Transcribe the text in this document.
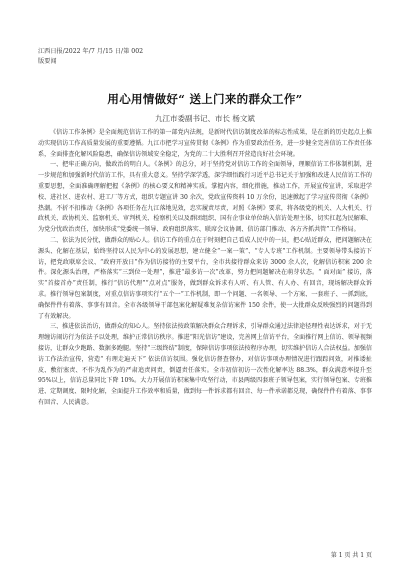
江西日报/2022 年/7 月/15 日/第 002
版要闻
用心用情做好“ 送上门来的群众工作”
九江市委副书记、市长 杨文斌

《信访工作条例》是全面规范信访工作的第一部党内法规，是新时代信访制度改革的标志性成果，是在新的历史起点上推动实现信访工作高质量发展的重要遵循。九江市把学习宣传贯彻《条例》作为重要政治任务，进一步健全完善信访工作责任体系，全面排查化解风险隐患，确保信访领域安全稳定，为党的二十大胜利召开营造良好社会环境。

一、把牢正确方向，做政治的明白人。《条例》的总分，对于坚持党对信访工作的全面领导，理顺信访工作体制机制，进一步规范和加强新时代信访工作，具有重大意义。坚持学深学透，深学细悟践行习近平总书记关于加强和改进人民信访工作的重要思想，全面准确理解把握《条例》的核心要义和精神实质。掌握内容，细化措施，推动工作，开展宣传宣讲，采取进学校、进社区、进农村、进工厂等方式，组织专题宣讲 30 余次，党政宣传资料 10 万余份，迅速掀起了学习宣传贯彻《条例》热潮。不折不扣推动《条例》各项任务在九江落地见效，忠实履责尽责，对照《条例》要求，将各级党的机关、人大机关、行政机关、政协机关、监察机关、审判机关、检察机关以及群团组织、国有企事业单位纳入信访处理主体，切实扛起为民解难、为党分忧政治责任，加快形成“党委统一领导、政府组织落实、联席会议协调、信访部门推动、各方齐抓共管”工作格局。

二、依法为民分忧，做群众的贴心人。信访工作的重点在于时刻把自己看成人民中的一员，把心贴近群众，把问题解决在源头、化解在基层，始终坚持以人民为中心的发展思想，建立健全“一案一策”、“专人专班”工作机制。主要领导带头接访下访，把党政联席会议、“政府开放日”作为信访接待的主要平台，全市共接待群众来访 3000 余人次，化解信访积案 200 余件。深化源头治理，严格落实“三到位一处理”，推进“最多访一次”改革，努力把问题解决在萌芽状态。“ 面对面” 接访，落实“首接首办”责任制，推行“信访代理”“点对点”服务，做到群众诉求有人听、有人管、有人办、有回音，现场解决群众诉求。推行领导包案制度，对重点信访事项实行“五个一”工作机制，即一个问题、一名领导、一个方案、一套班子、一抓到底，确保件件有着落、事事有回音。全市各级领导干部包案化解疑难复杂信访案件 150 余件，使一大批群众反映强烈的问题得到了有效解决。

三、推进依法治访，做群众的知心人。坚持依法按政策解决群众合理诉求，引导群众通过法律途径理性表达诉求，对于无理缠访闹访行为依法予以处理，维护正常信访秩序。推进“阳光信访”建设，完善网上信访平台，全面推行网上信访、领导视频接访，让群众少跑路、数据多跑腿。坚持“三级终结”制度，保障信访事项依法按程序办理，切实维护信访人合法权益。加强信访工作法治宣传，营造“ 有理走遍天下” 依法信访氛围。强化信访督查督办，对信访事项办理情况进行跟踪问效，对推诿扯皮、敷衍塞责、不作为乱作为的严肃追责问责，倒逼责任落实。全市初信初访一次性化解率达 88.3%，群众满意率提升至 95%以上，信访总量同比下降 10%。大力开展信访积案集中攻坚行动，市县两级四套班子领导包案，实行领导包案、专班推进、定期调度、限时化解，全面提升工作效率和质量，做到每一件诉求都有回音、每一件承诺都兑现，确保件件有着落、事事有回音、人民满意。

第 1 页 共 1 页
